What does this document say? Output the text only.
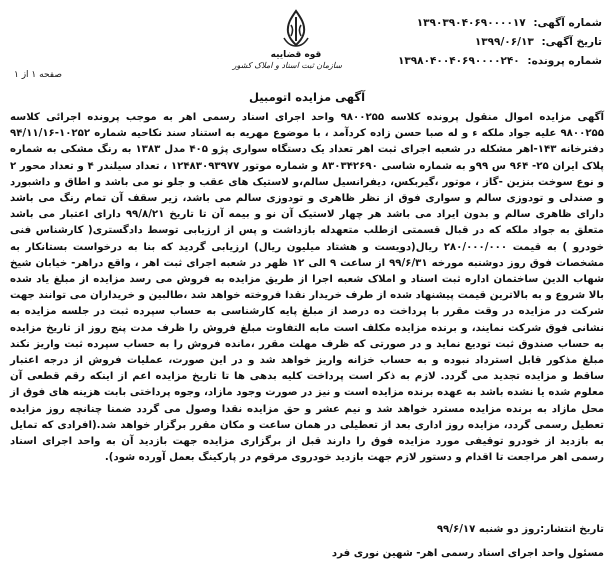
شماره آگهی: ۱۳۹۰۳۹۰۴۰۶۹۰۰۰۰۱۷
تاریخ آگهی: ۱۳۹۹/۰۶/۱۳
شماره پرونده: ۱۳۹۸۰۴۰۰۴۰۶۹۰۰۰۰۲۴۰
قوه قضاییه
سازمان ثبت اسناد و املاک کشور
صفحه ۱ از ۱
آگهی مزایده اتومبیل

آگهی مزایده اموال منقول پرونده کلاسه ۹۸۰۰۲۵۵ واحد اجرای اسناد رسمی اهر به موجب پرونده اجرائی کلاسه ۹۸۰۰۲۵۵ علیه جواد ملکه ء و له صبا حسن زاده کردآمد ، با موضوع مهریه به استناد سند نکاحیه شماره ۱۰۲۵۲-۹۴/۱۱/۱۶ دفترخانه ۱۴۳-اهر مشکله در شعبه اجرای ثبت اهر تعداد یک دستگاه سواری پژو ۴۰۵ مدل ۱۳۸۳ به رنگ مشکی به شماره پلاک ایران ۲۵- ۹۶۴ س ۹۹و به شماره شاسی ۸۳۰۳۴۲۶۹۰ و شماره موتور ۱۲۴۸۳۰۹۳۹۷۷ ، تعداد سیلندر ۴ و تعداد محور ۲ و نوع سوخت بنزین -گاز ، موتور ،گیربکس، دیفرانسیل سالم،و لاستیک های عقب و جلو نو می باشد و اطاق و داشبورد و صندلی و تودوزی سالم و سواری فوق از نظر ظاهری و تودوزی سالم می باشد، زیر سقف آن تمام رنگ می باشد دارای ظاهری سالم و بدون ایراد می باشد هر چهار لاستیک آن نو و بیمه آن تا تاریخ ۹۹/۸/۲۱ دارای اعتبار می باشد متعلق به جواد ملکه که در قبال قسمتی ازطلب متعهدله بازداشت و پس از ارزیابی توسط دادگستری( کارشناس فنی خودرو ) به قیمت ۲۸۰/۰۰۰/۰۰۰ ریال(دویست و هشتاد میلیون ریال) ارزیابی گردید که بنا به درخواست بستانکار به مشخصات فوق روز دوشنبه مورخه ۹۹/۶/۳۱ از ساعت ۹ الی ۱۲ ظهر در شعبه اجرای ثبت اهر ، واقع دراهر- خیابان شیخ شهاب الدین ساختمان اداره ثبت اسناد و املاک شعبه اجرا از طریق مزایده به فروش می رسد مزایده از مبلغ یاد شده بالا شروع و به بالاترین قیمت پیشنهاد شده از طرف خریدار نقدا فروخته خواهد شد ،طالبین و خریداران می توانند جهت شرکت در مزایده در وقت مقرر با پرداخت ده درصد از مبلغ پایه کارشناسی به حساب سپرده ثبت در جلسه مزایده به نشانی فوق شرکت نمایند، و برنده مزایده مکلف است مابه التفاوت مبلغ فروش را ظرف مدت پنج روز از تاریخ مزایده به حساب صندوق ثبت تودیع نماید و در صورتی که ظرف مهلت مقرر ،مانده فروش را به حساب سپرده ثبت واریز نکند مبلغ مذکور قابل استرداد نبوده و به حساب خزانه واریز خواهد شد و در این صورت، عملیات فروش از درجه اعتبار ساقط و مزایده تجدید می گردد. لازم به ذکر است پرداخت کلیه بدهی ها تا تاریخ مزایده اعم از اینکه رقم قطعی آن معلوم شده یا نشده باشد به عهده برنده مزایده است و نیز در صورت وجود مازاد، وجوه پرداختی بابت هزینه های فوق از محل مازاد به برنده مزایده مسترد خواهد شد و نیم عشر و حق مزایده نقدا وصول می گردد ضمنا چنانچه روز مزایده تعطیل رسمی گردد، مزایده روز اداری بعد از تعطیلی در همان ساعت و مکان مقرر برگزار خواهد شد.(افرادی که تمایل به بازدید از خودرو توقیفی مورد مزایده فوق را دارند قبل از برگزاری مزایده جهت بازدید آن به واحد اجرای اسناد رسمی اهر مراجعت تا اقدام و دستور لازم جهت بازدید خودروی مرقوم در پارکینگ بعمل آورده شود).

تاریخ انتشار:روز دو شنبه ۹۹/۶/۱۷
مسئول واحد اجرای اسناد رسمی اهر- شهین نوری فرد
